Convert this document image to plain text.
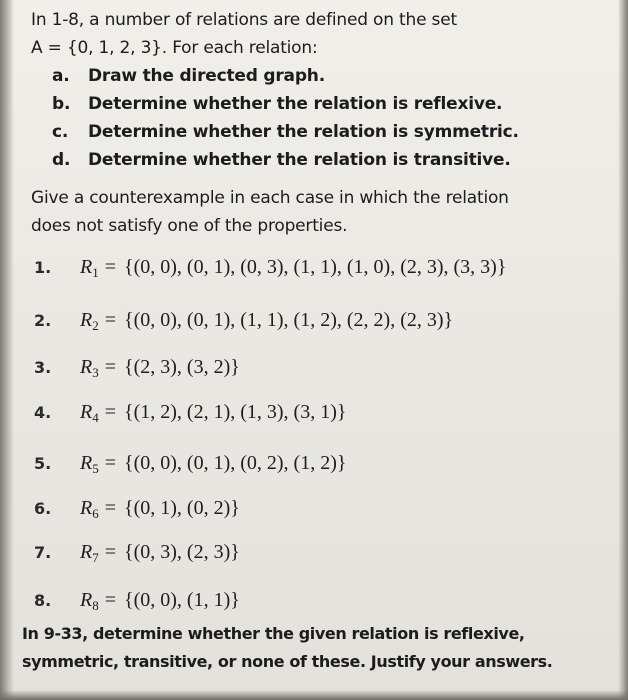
In 1-8, a number of relations are defined on the set
A = {0, 1, 2, 3}. For each relation:
a. Draw the directed graph.
b. Determine whether the relation is reflexive.
c. Determine whether the relation is symmetric.
d. Determine whether the relation is transitive.
Give a counterexample in each case in which the relation
does not satisfy one of the properties.
1. $R_1 = \{(0$, 0), (0, 1), (0, 3), (1, 1), (1, 0), (2, 3), (3, 3)}
2. $R_2 = \{(0$, 0), (0, 1), (1, 1), (1, 2), (2, 2), (2, 3)}
3. $R_3 = \{(2$, 3), (3, 2)}
4. $R_4 = \{(1$, 2), (2, 1), (1, 3), (3, 1)}
5. $R_5 = \{(0$, 0), (0, 1), (0, 2), (1, 2)}
6. $R_6 = \{(0$, 1), (0, 2)}
7. $R_7 = \{(0$, 3), (2, 3)}
8. $R_8 = \{(0$, 0), (1, 1)}
In 9-33, determine whether the given relation is reflexive,
symmetric, transitive, or none of these. Justify your answers.
